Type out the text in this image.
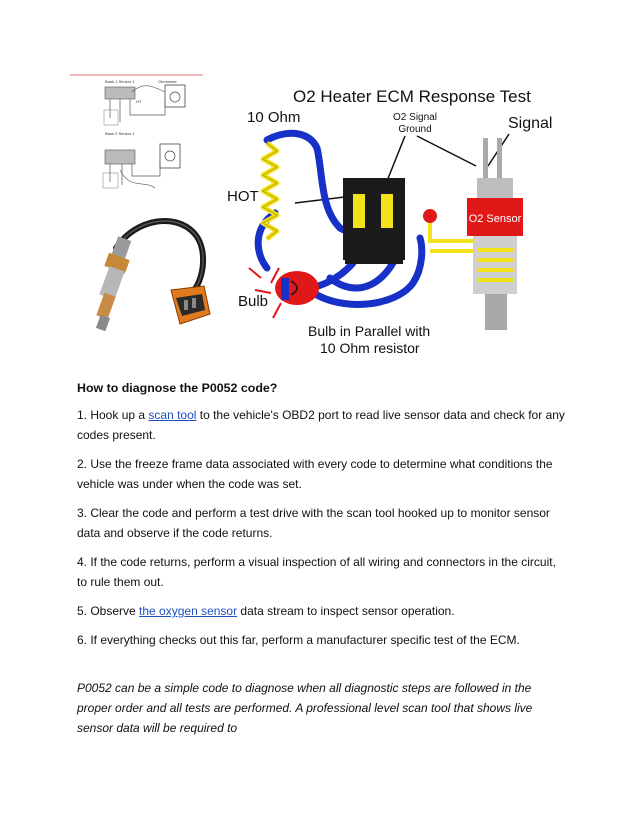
Bank 1 Sensor 1	Ohmmeter
HT
Bank 2 Sensor 1
O2 Heater ECM Response Test
10 Ohm	O2 Signal
Ground	Signal
HOT
Bulb
Bulb in Parallel with
10 Ohm resistor
O2 Sensor
How to diagnose the P0052 code?

1. Hook up a scan tool to the vehicle's OBD2 port to read live sensor data and check for any codes present.

2. Use the freeze frame data associated with every code to determine what conditions the vehicle was under when the code was set.

3. Clear the code and perform a test drive with the scan tool hooked up to monitor sensor data and observe if the code returns.

4. If the code returns, perform a visual inspection of all wiring and connectors in the circuit, to rule them out.

5. Observe the oxygen sensor data stream to inspect sensor operation.

6. If everything checks out this far, perform a manufacturer specific test of the ECM.

P0052 can be a simple code to diagnose when all diagnostic steps are followed in the proper order and all tests are performed. A professional level scan tool that shows live sensor data will be required to
